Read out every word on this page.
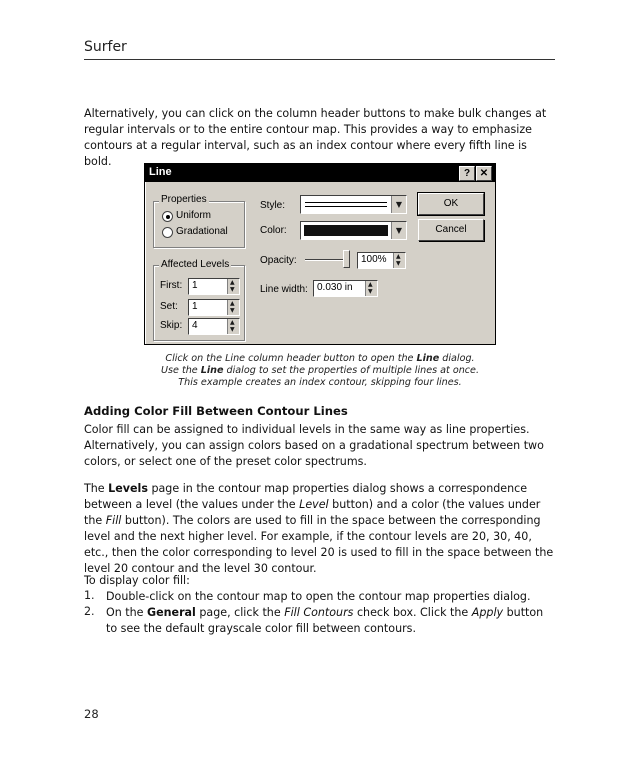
Surfer
Alternatively, you can click on the column header buttons to make bulk changes at regular intervals or to the entire contour map. This provides a way to emphasize contours at a regular interval, such as an index contour where every fifth line is bold.
Line	? ✕
Properties
Uniform
Gradational
Affected Levels
First: 1	▲
▼
Set: 1	▲
▼
Skip: 4	▲
▼
Style:	▼
Color:	▼
Opacity:	100% ▲
▼
Line width: 0.030 in	▲
▼
OK
Cancel
Click on the Line column header button to open the Line dialog.
Use the Line dialog to set the properties of multiple lines at once.
This example creates an index contour, skipping four lines.
Adding Color Fill Between Contour Lines
Color fill can be assigned to individual levels in the same way as line properties. Alternatively, you can assign colors based on a gradational spectrum between two colors, or select one of the preset color spectrums.
The Levels page in the contour map properties dialog shows a correspondence between a level (the values under the Level button) and a color (the values under the Fill button). The colors are used to fill in the space between the corresponding level and the next higher level. For example, if the contour levels are 20, 30, 40, etc., then the color corresponding to level 20 is used to fill in the space between the level 20 contour and the level 30 contour.
To display color fill:
1. Double-click on the contour map to open the contour map properties dialog.
2. On the General page, click the Fill Contours check box. Click the Apply button to see the default grayscale color fill between contours.
28
